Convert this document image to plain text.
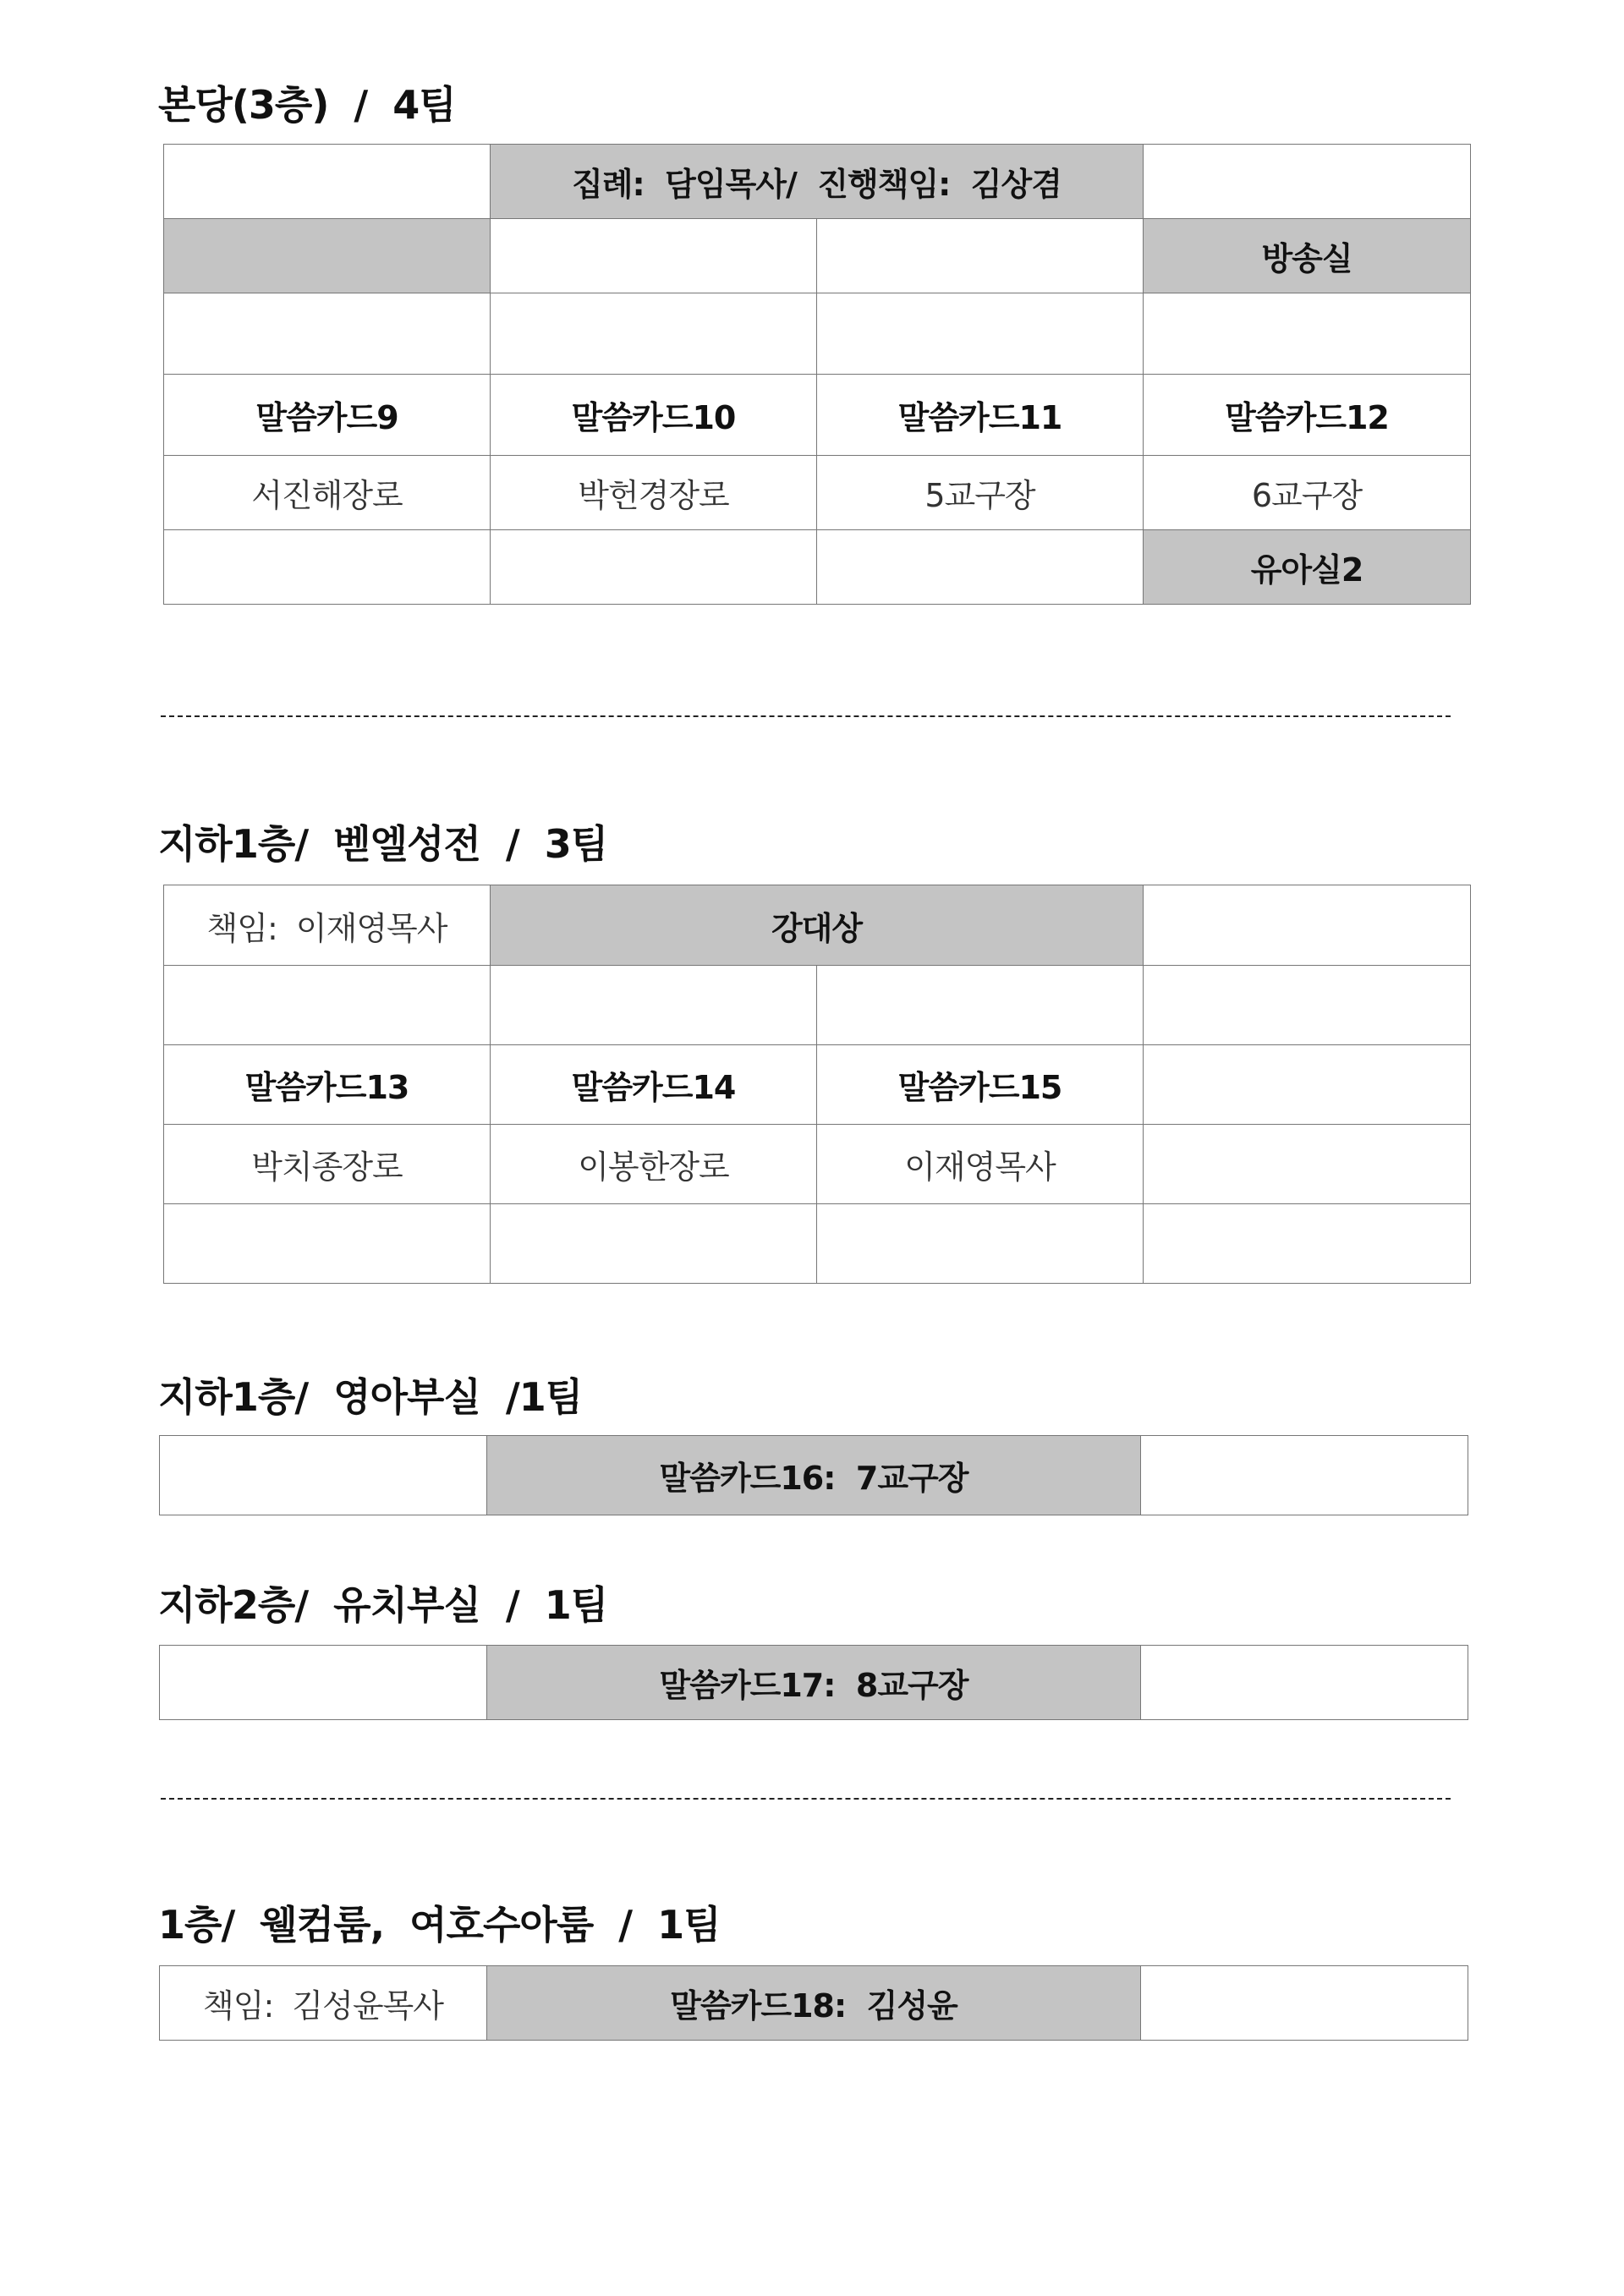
본당(3층)  /  4팀
	집례:  담임목사/  진행책임:  김상겸		
			방송실

말씀카드9	말씀카드10	말씀카드11	말씀카드12
서진해장로	박헌경장로	5교구장	6교구장
			유아실2
지하1층/  벧엘성전  /  3팀
책임:  이재영목사	강대상		

말씀카드13	말씀카드14	말씀카드15	
박치종장로	이봉한장로	이재영목사	

지하1층/  영아부실  /1팀
	말씀카드16:  7교구장	
지하2층/  유치부실  /  1팀
	말씀카드17:  8교구장	
1층/  웰컴룸,  여호수아룸  /  1팀
책임:  김성윤목사	말씀카드18:  김성윤	
